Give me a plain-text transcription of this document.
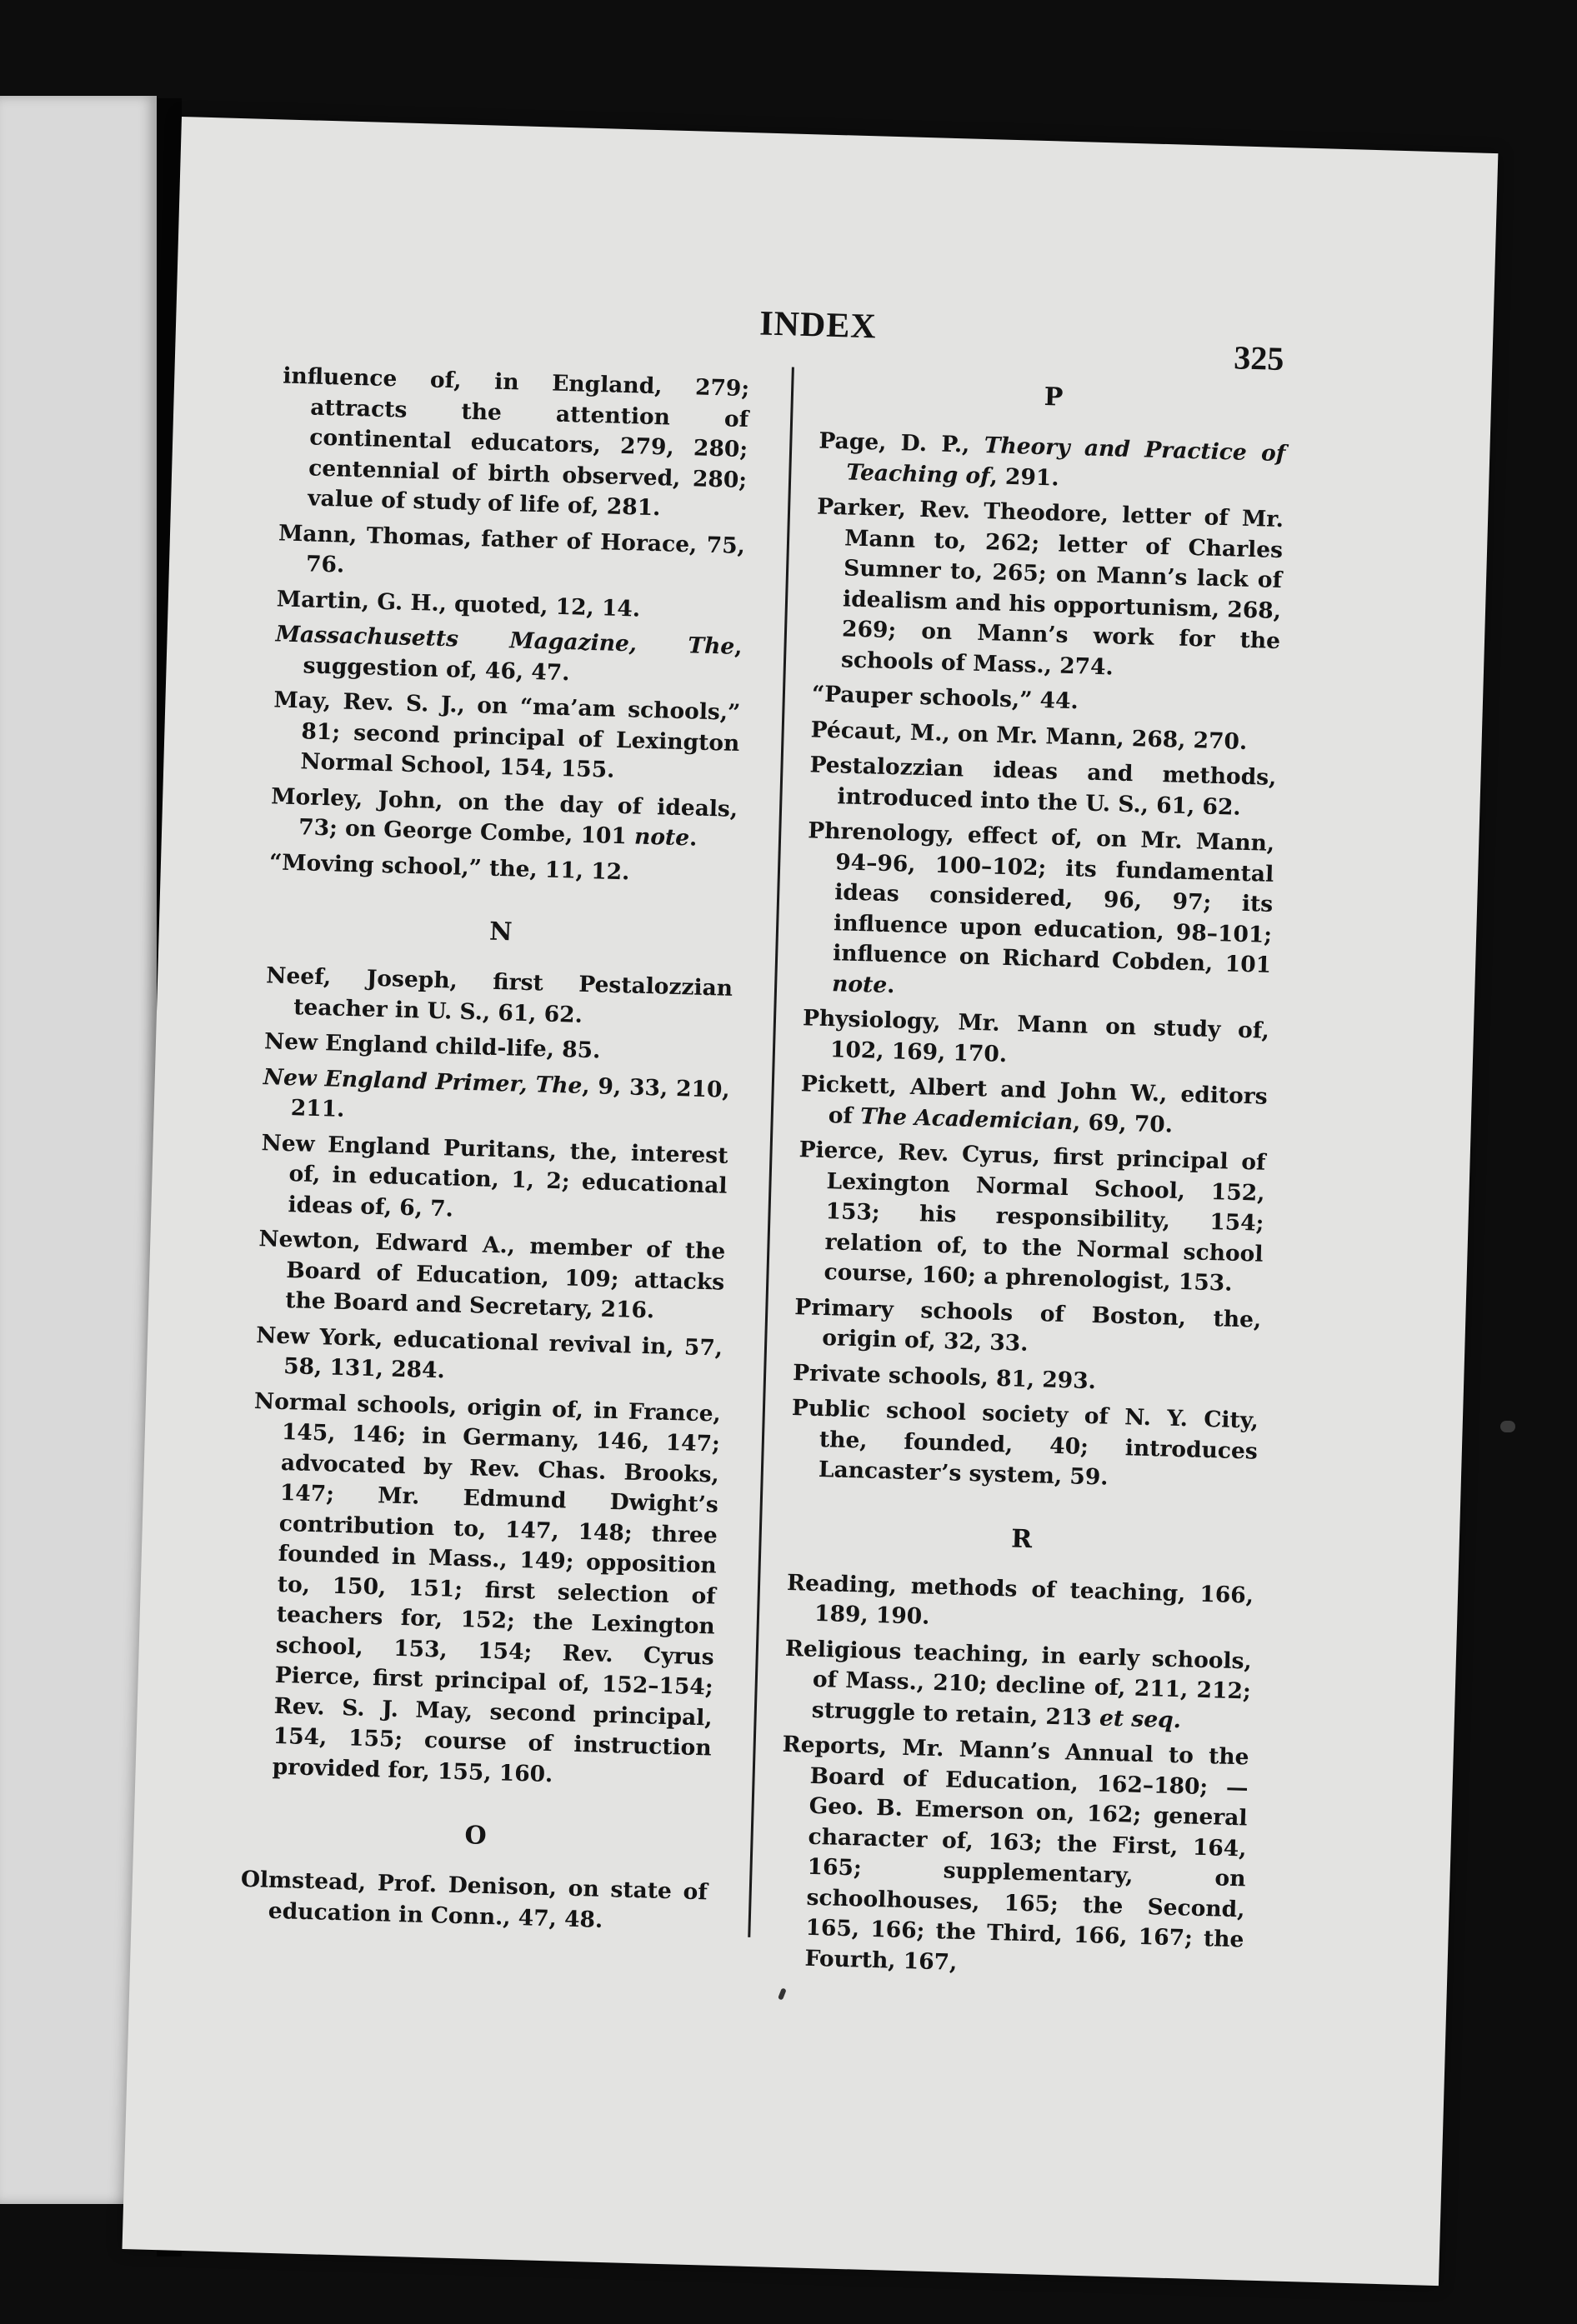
INDEX
325
influence of, in England, 279; attracts the attention of continental educators, 279, 280; centennial of birth observed, 280; value of study of life of, 281.
Mann, Thomas, father of Horace, 75, 76.
Martin, G. H., quoted, 12, 14.
Massachusetts Magazine, The, suggestion of, 46, 47.
May, Rev. S. J., on “ma’am schools,” 81; second principal of Lexington Normal School, 154, 155.
Morley, John, on the day of ideals, 73; on George Combe, 101 note.
“Moving school,” the, 11, 12.
N
Neef, Joseph, first Pestalozzian teacher in U. S., 61, 62.
New England child-life, 85.
New England Primer, The, 9, 33, 210, 211.
New England Puritans, the, interest of, in education, 1, 2; educational ideas of, 6, 7.
Newton, Edward A., member of the Board of Education, 109; attacks the Board and Secretary, 216.
New York, educational revival in, 57, 58, 131, 284.
Normal schools, origin of, in France, 145, 146; in Germany, 146, 147; advocated by Rev. Chas. Brooks, 147; Mr. Edmund Dwight’s contribution to, 147, 148; three founded in Mass., 149; opposition to, 150, 151; first selection of teachers for, 152; the Lexington school, 153, 154; Rev. Cyrus Pierce, first principal of, 152–154; Rev. S. J. May, second principal, 154, 155; course of instruction provided for, 155, 160.
O
Olmstead, Prof. Denison, on state of education in Conn., 47, 48.
P
Page, D. P., Theory and Practice of Teaching of, 291.
Parker, Rev. Theodore, letter of Mr. Mann to, 262; letter of Charles Sumner to, 265; on Mann’s lack of idealism and his opportunism, 268, 269; on Mann’s work for the schools of Mass., 274.
“Pauper schools,” 44.
Pécaut, M., on Mr. Mann, 268, 270.
Pestalozzian ideas and methods, introduced into the U. S., 61, 62.
Phrenology, effect of, on Mr. Mann, 94–96, 100–102; its fundamental ideas considered, 96, 97; its influence upon education, 98–101; influence on Richard Cobden, 101 note.
Physiology, Mr. Mann on study of, 102, 169, 170.
Pickett, Albert and John W., editors of The Academician, 69, 70.
Pierce, Rev. Cyrus, first principal of Lexington Normal School, 152, 153; his responsibility, 154; relation of, to the Normal school course, 160; a phrenologist, 153.
Primary schools of Boston, the, origin of, 32, 33.
Private schools, 81, 293.
Public school society of N. Y. City, the, founded, 40; introduces Lancaster’s system, 59.
R
Reading, methods of teaching, 166, 189, 190.
Religious teaching, in early schools, of Mass., 210; decline of, 211, 212; struggle to retain, 213 et seq.
Reports, Mr. Mann’s Annual to the Board of Education, 162–180; — Geo. B. Emerson on, 162; general character of, 163; the First, 164, 165; supplementary, on schoolhouses, 165; the Second, 165, 166; the Third, 166, 167; the Fourth, 167,
